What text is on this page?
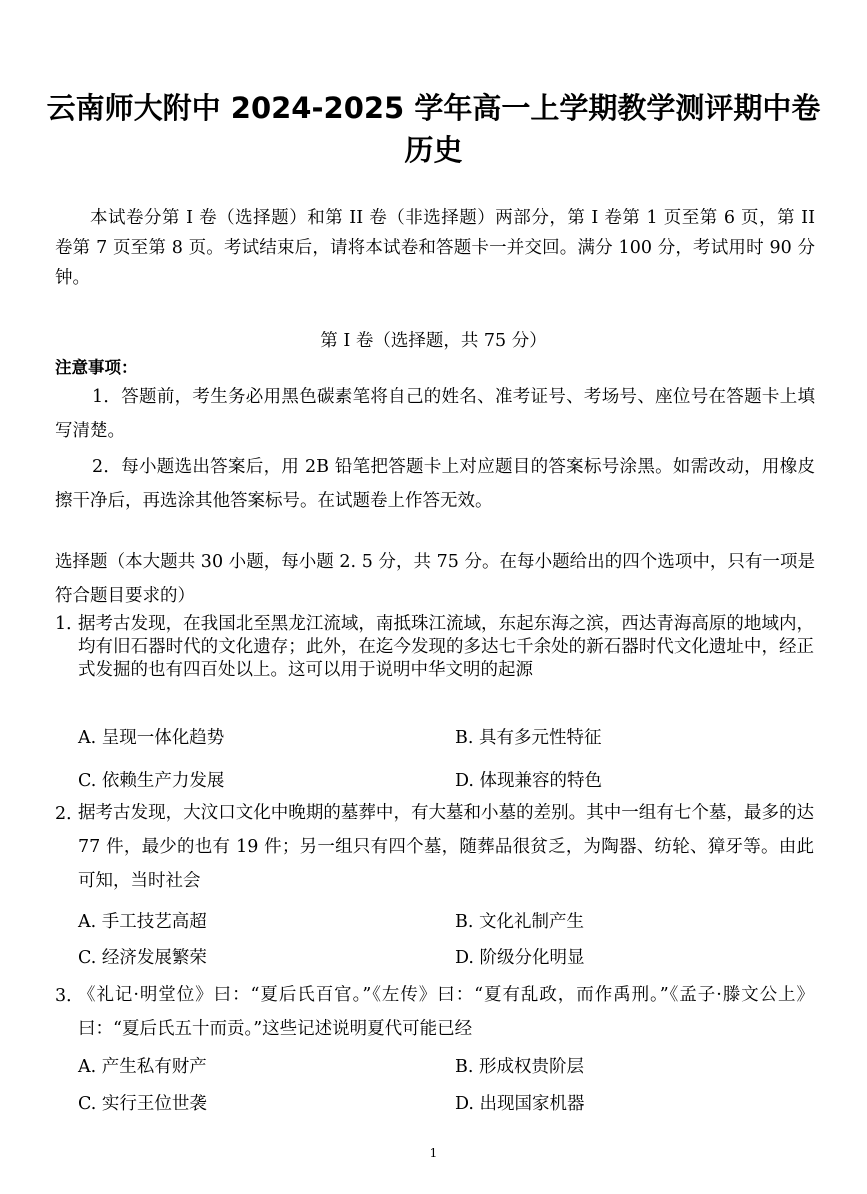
云南师大附中 2024-2025 学年高一上学期教学测评期中卷
历史
本试卷分第 I 卷（选择题）和第 II 卷（非选择题）两部分，第 I 卷第 1 页至第 6 页，第 II 卷第 7 页至第 8 页。考试结束后，请将本试卷和答题卡一并交回。满分 100 分，考试用时 90 分钟。
第 I 卷（选择题，共 75 分）
注意事项：
1．答题前，考生务必用黑色碳素笔将自己的姓名、准考证号、考场号、座位号在答题卡上填写清楚。
2．每小题选出答案后，用 2B 铅笔把答题卡上对应题目的答案标号涂黑。如需改动，用橡皮擦干净后，再选涂其他答案标号。在试题卷上作答无效。
选择题（本大题共 30 小题，每小题 2. 5 分，共 75 分。在每小题给出的四个选项中，只有一项是符合题目要求的）
1．
据考古发现，在我国北至黑龙江流域，南抵珠江流域，东起东海之滨，西达青海高原的地域内，均有旧石器时代的文化遗存；此外，在迄今发现的多达七千余处的新石器时代文化遗址中，经正式发掘的也有四百处以上。这可以用于说明中华文明的起源
A. 呈现一体化趋势	B. 具有多元性特征
C. 依赖生产力发展	D. 体现兼容的特色
2．
据考古发现，大汶口文化中晚期的墓葬中，有大墓和小墓的差别。其中一组有七个墓，最多的达 77 件，最少的也有 19 件；另一组只有四个墓，随葬品很贫乏，为陶器、纺轮、獐牙等。由此可知，当时社会
A. 手工技艺高超	B. 文化礼制产生
C. 经济发展繁荣	D. 阶级分化明显
3．
《礼记·明堂位》曰：“夏后氏百官。”《左传》曰：“夏有乱政，而作禹刑。”《孟子·滕文公上》曰：“夏后氏五十而贡。”这些记述说明夏代可能已经
A. 产生私有财产	B. 形成权贵阶层
C. 实行王位世袭	D. 出现国家机器
1
